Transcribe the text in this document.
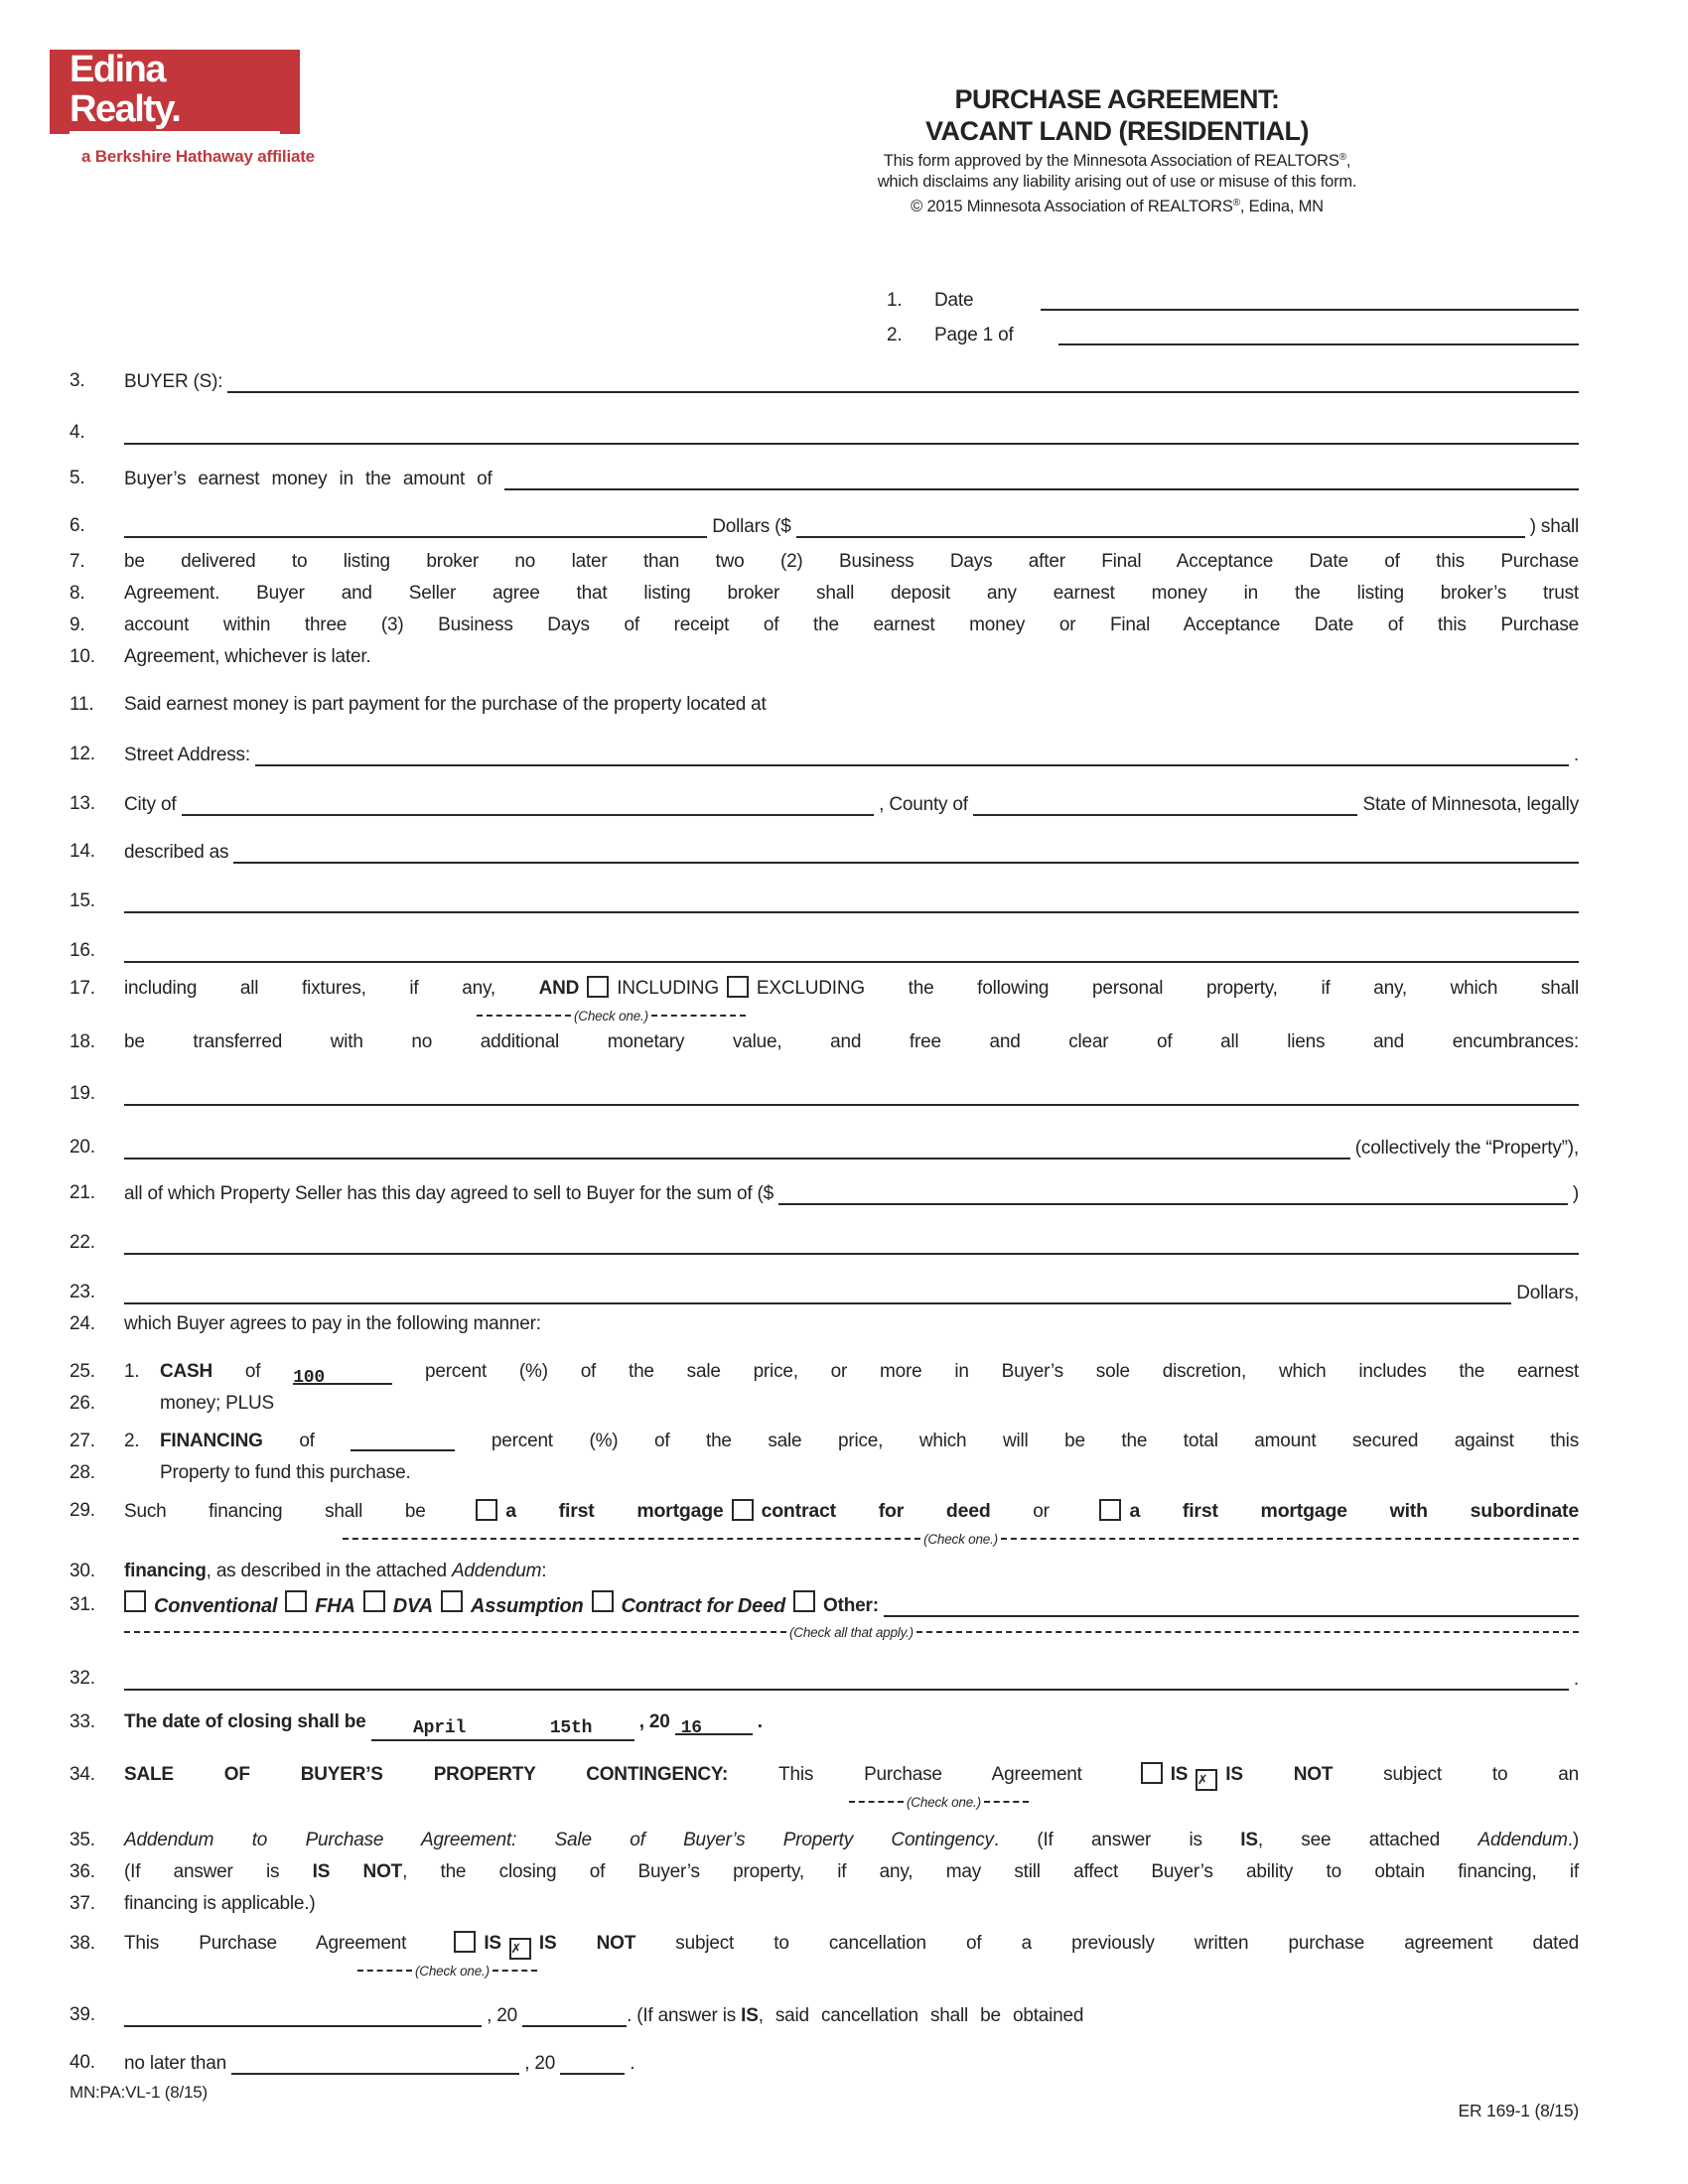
Edina Realty.
a Berkshire Hathaway affiliate
PURCHASE AGREEMENT:
VACANT LAND (RESIDENTIAL)
This form approved by the Minnesota Association of REALTORS®,
which disclaims any liability arising out of use or misuse of this form.
© 2015 Minnesota Association of REALTORS®, Edina, MN
1.	Date
2.	Page 1 of
3.	BUYER (S):
4.
5.	Buyer’s earnest money in the amount of
6.	Dollars ($	) shall
7.	be delivered to listing broker no later than two (2) Business Days after Final Acceptance Date of this Purchase
8.	Agreement. Buyer and Seller agree that listing broker shall deposit any earnest money in the listing broker’s trust
9.	account within three (3) Business Days of receipt of the earnest money or Final Acceptance Date of this Purchase
10.	Agreement, whichever is later.
11.	Said earnest money is part payment for the purchase of the property located at
12.	Street Address:	.
13.	City of	, County of	State of Minnesota, legally
14.	described as
15.
16.
17.	including all fixtures, if any, AND INCLUDING EXCLUDING the following personal property, if any, which shall
(Check one.)
18.	be transferred with no additional monetary value, and free and clear of all liens and encumbrances:
19.
20.	(collectively the “Property”),
21.	all of which Property Seller has this day agreed to sell to Buyer for the sum of ($	)
22.
23.	Dollars,
24.	which Buyer agrees to pay in the following manner:
25.	1. CASH of 100	percent (%) of the sale price, or more in Buyer’s sole discretion, which includes the earnest
26.	money; PLUS
27.	2. FINANCING of	percent (%) of the sale price, which will be the total amount secured against this
28.	Property to fund this purchase.
29.	Such financing shall be a first mortgage contract for deed or a first mortgage with subordinate
(Check one.)
30.	financing, as described in the attached Addendum:
31.	Conventional FHA DVA Assumption Contract for Deed Other:
(Check all that apply.)
32.	.
33.	The date of closing shall be April	15th , 20 16	.
34.	SALE OF BUYER’S PROPERTY CONTINGENCY: This Purchase Agreement IS ✗ IS NOT subject to an
(Check one.)
35.	Addendum to Purchase Agreement: Sale of Buyer’s Property Contingency. (If answer is IS, see attached Addendum.)
36.	(If answer is IS NOT, the closing of Buyer’s property, if any, may still affect Buyer’s ability to obtain financing, if
37.	financing is applicable.)
38.	This Purchase Agreement IS ✗ IS NOT subject to cancellation of a previously written purchase agreement dated
(Check one.)
39.	, 20	. (If answer is IS , said cancellation shall be obtained
40.	no later than	, 20	.
MN:PA:VL-1 (8/15)
ER 169-1 (8/15)
